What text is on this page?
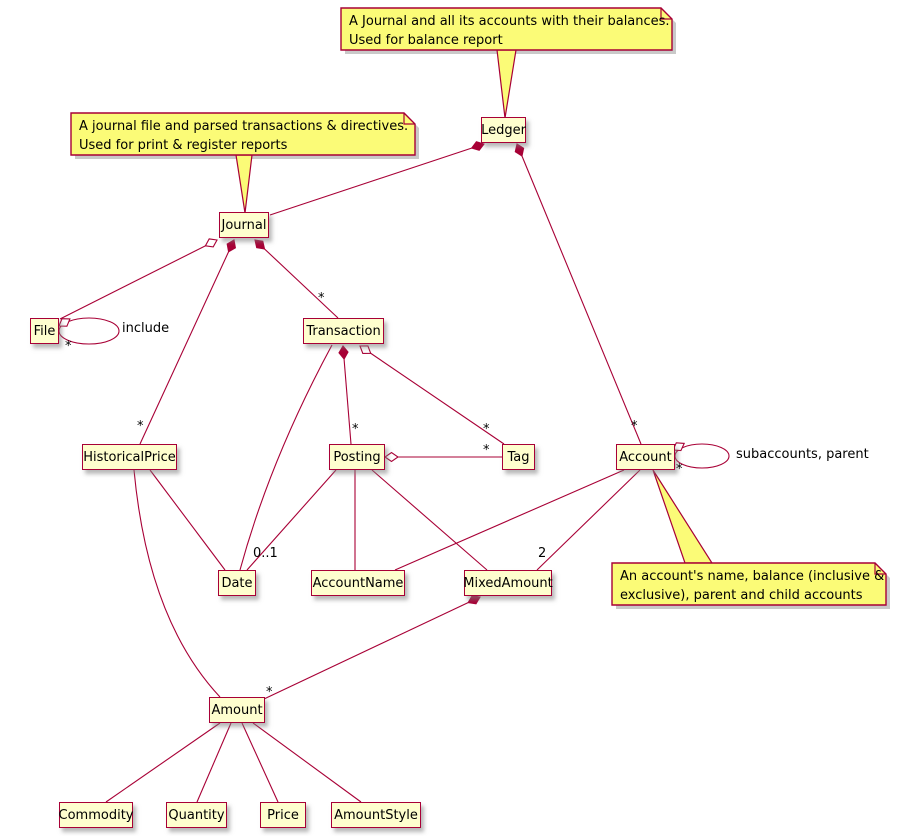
A Journal and all its accounts with their balances.
Used for balance report
A journal file and parsed transactions & directives.
Used for print & register reports
An account's name, balance (inclusive &
exclusive), parent and child accounts
Ledger
Journal
File	Transaction
HistoricalPrice	Posting	Tag	Account
Date	AccountName	MixedAmount
Amount
Commodity	Quantity	Price	AmountStyle
include
subaccounts, parent
*
*	*	*
*
*
*
*
0..1	2
*
